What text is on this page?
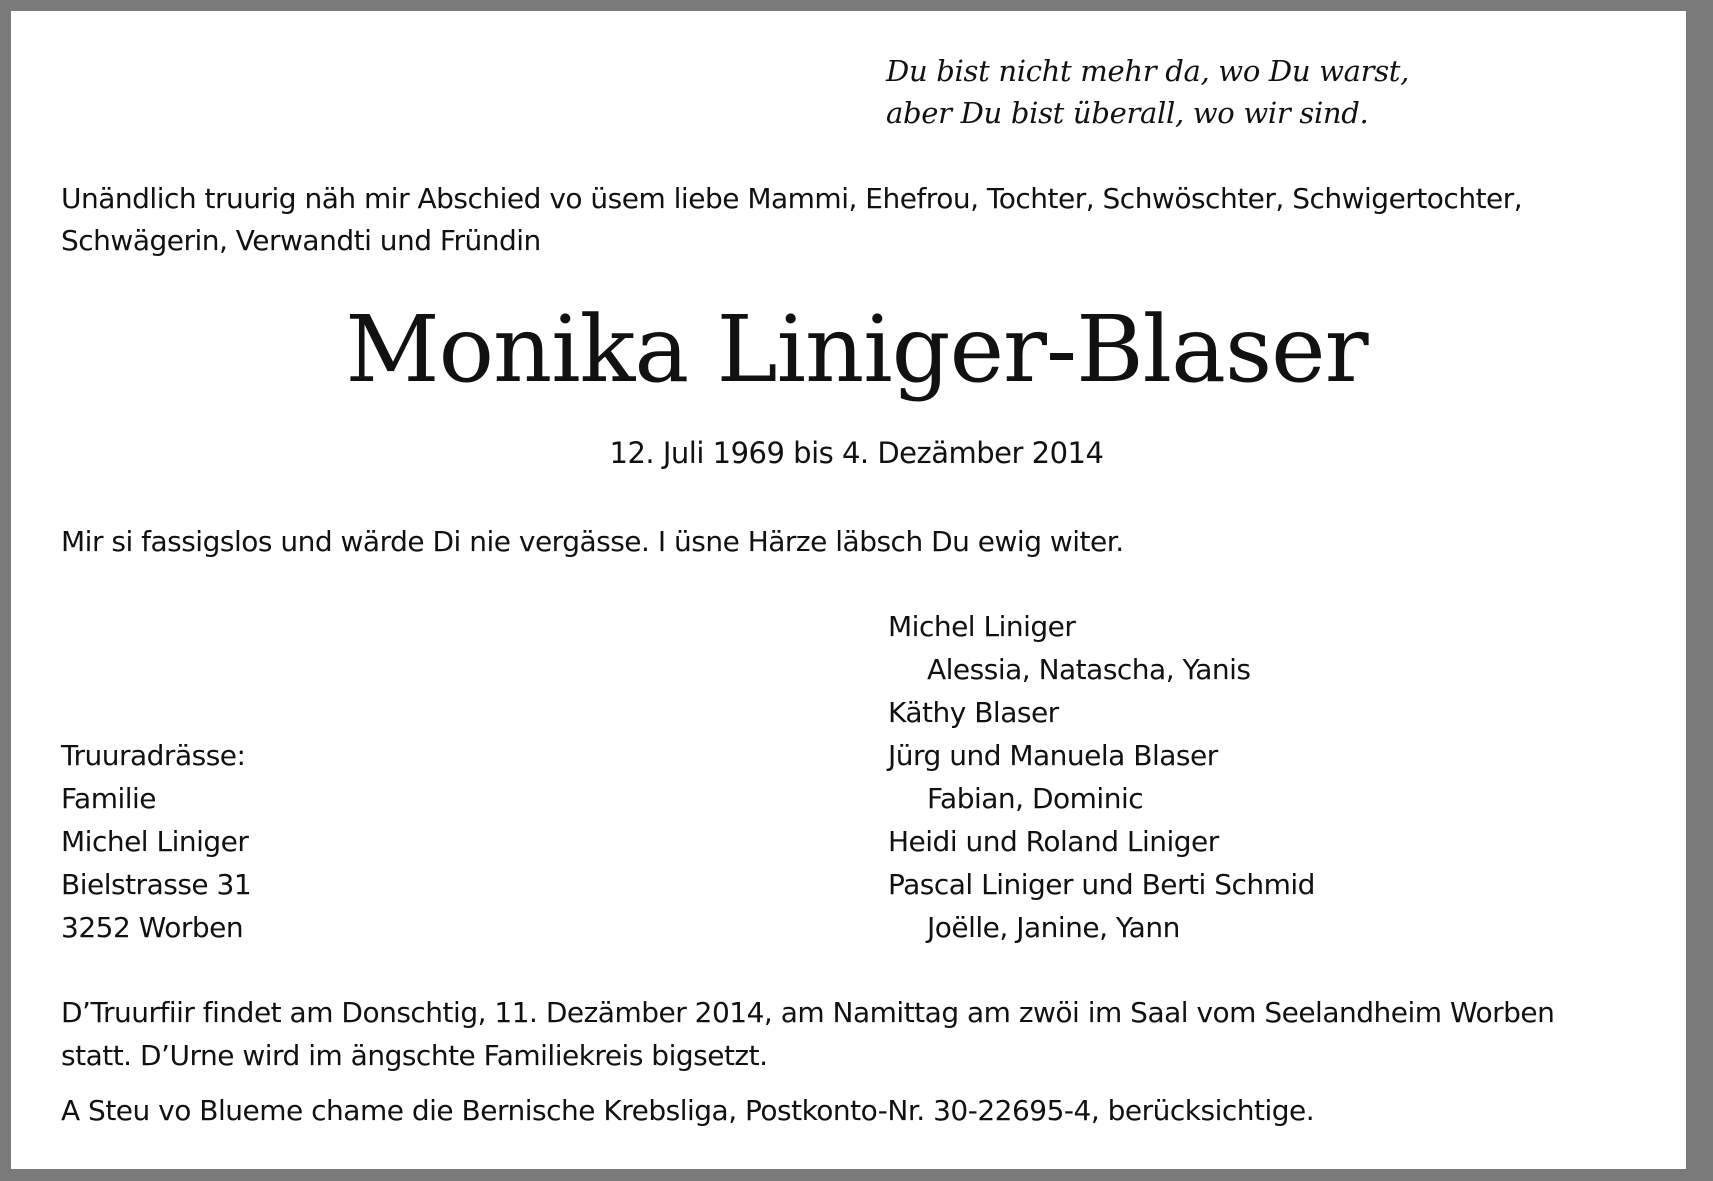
Du bist nicht mehr da, wo Du warst,
aber Du bist überall, wo wir sind.
Unändlich truurig näh mir Abschied vo üsem liebe Mammi, Ehefrou, Tochter, Schwöschter, Schwigertochter,
Schwägerin, Verwandti und Fründin
Monika Liniger-Blaser
12. Juli 1969 bis 4. Dezämber 2014
Mir si fassigslos und wärde Di nie vergässe. I üsne Härze läbsch Du ewig witer.
Michel Liniger
Alessia, Natascha, Yanis
Käthy Blaser
Jürg und Manuela Blaser
Fabian, Dominic
Heidi und Roland Liniger
Pascal Liniger und Berti Schmid
Joëlle, Janine, Yann
Truuradrässe:
Familie
Michel Liniger
Bielstrasse 31
3252 Worben
D’Truurfiir findet am Donschtig, 11. Dezämber 2014, am Namittag am zwöi im Saal vom Seelandheim Worben
statt. D’Urne wird im ängschte Familiekreis bigsetzt.
A Steu vo Blueme chame die Bernische Krebsliga, Postkonto-Nr. 30-22695-4, berücksichtige.
